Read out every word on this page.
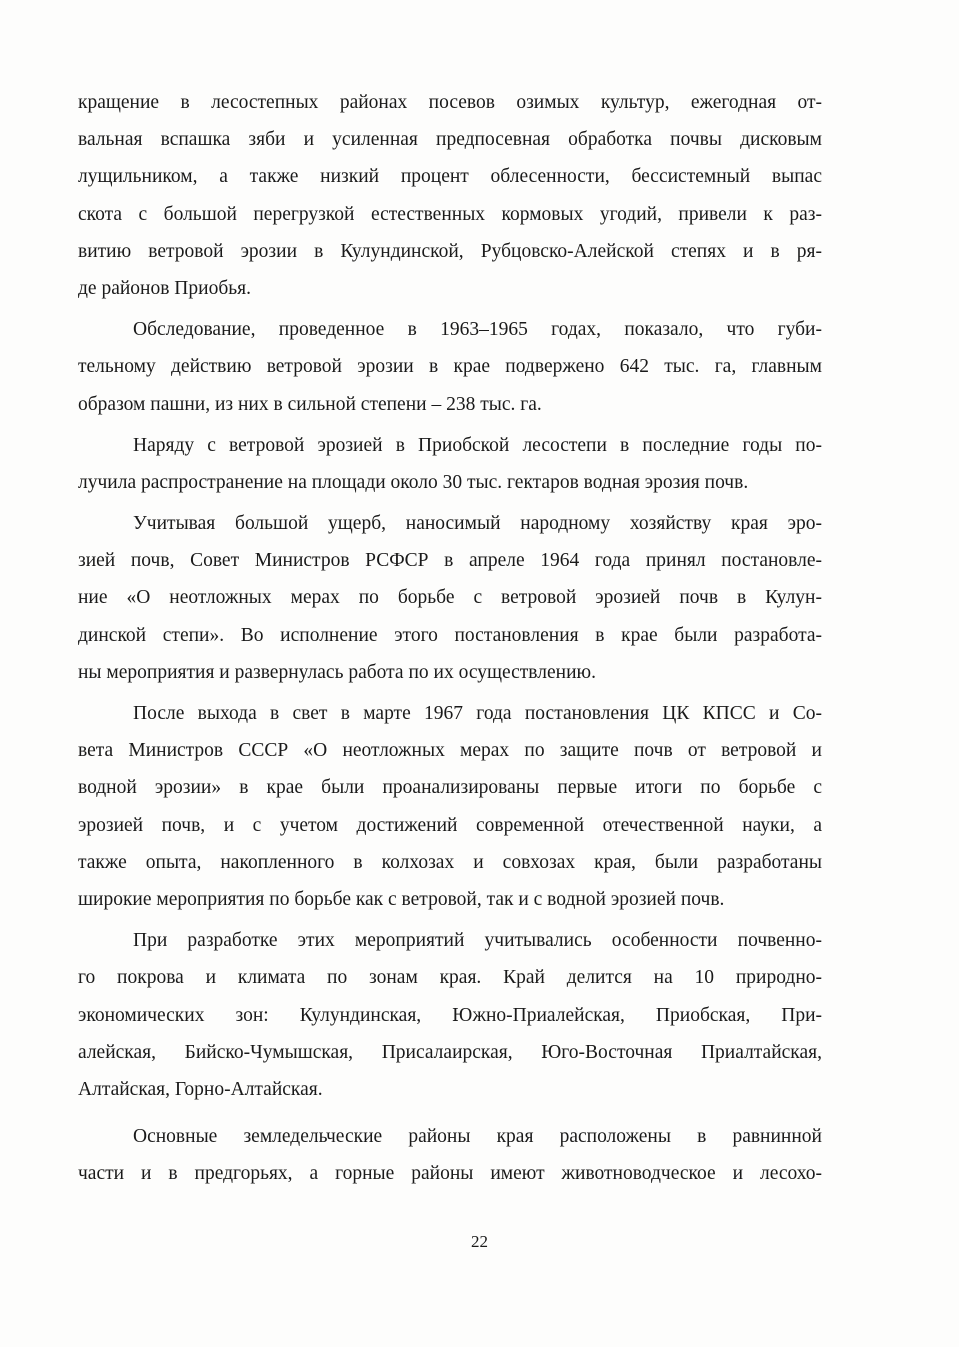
кращение в лесостепных районах посевов озимых культур, ежегодная от-
вальная вспашка зяби и усиленная предпосевная обработка почвы дисковым
лущильником, а также низкий процент облесенности, бессистемный выпас
скота с большой перегрузкой естественных кормовых угодий, привели к раз-
витию ветровой эрозии в Кулундинской, Рубцовско-Алейской степях и в ря-
де районов Приобья.
Обследование, проведенное в 1963–1965 годах, показало, что губи-
тельному действию ветровой эрозии в крае подвержено 642 тыс. га, главным
образом пашни, из них в сильной степени – 238 тыс. га.
Наряду с ветровой эрозией в Приобской лесостепи в последние годы по-
лучила распространение на площади около 30 тыс. гектаров водная эрозия почв.
Учитывая большой ущерб, наносимый народному хозяйству края эро-
зией почв, Совет Министров РСФСР в апреле 1964 года принял постановле-
ние «О неотложных мерах по борьбе с ветровой эрозией почв в Кулун-
динской степи». Во исполнение этого постановления в крае были разработа-
ны мероприятия и развернулась работа по их осуществлению.
После выхода в свет в марте 1967 года постановления ЦК КПСС и Со-
вета Министров СССР «О неотложных мерах по защите почв от ветровой и
водной эрозии» в крае были проанализированы первые итоги по борьбе с
эрозией почв, и с учетом достижений современной отечественной науки, а
также опыта, накопленного в колхозах и совхозах края, были разработаны
широкие мероприятия по борьбе как с ветровой, так и с водной эрозией почв.
При разработке этих мероприятий учитывались особенности почвенно-
го покрова и климата по зонам края. Край делится на 10 природно-
экономических зон: Кулундинская, Южно-Приалейская, Приобская, При-
алейская, Бийско-Чумышская, Присалаирская, Юго-Восточная Приалтайская,
Алтайская, Горно-Алтайская.
Основные земледельческие районы края расположены в равнинной
части и в предгорьях, а горные районы имеют животноводческое и лесохо-
22
